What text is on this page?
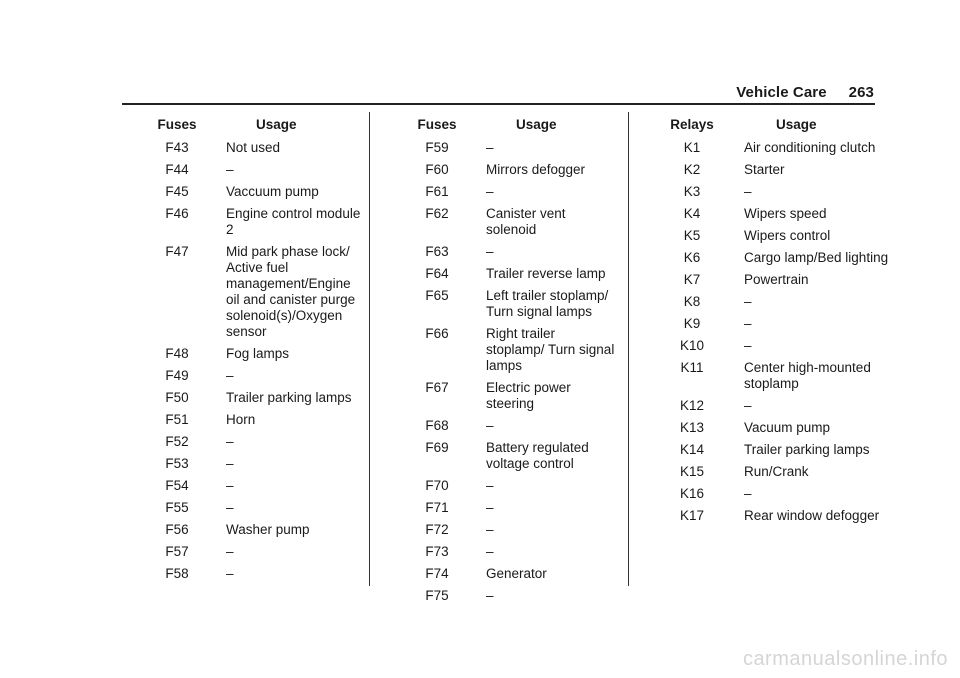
Vehicle Care 263
Fuses	Usage
F43	Not used
F44	–
F45	Vaccuum pump
F46	Engine control module 2
F47	Mid park phase lock/ Active fuel management/Engine oil and canister purge solenoid(s)/Oxygen sensor
F48	Fog lamps
F49	–
F50	Trailer parking lamps
F51	Horn
F52	–
F53	–
F54	–
F55	–
F56	Washer pump
F57	–
F58	–
Fuses	Usage
F59	–
F60	Mirrors defogger
F61	–
F62	Canister vent solenoid
F63	–
F64	Trailer reverse lamp
F65	Left trailer stoplamp/ Turn signal lamps
F66	Right trailer stoplamp/ Turn signal lamps
F67	Electric power steering
F68	–
F69	Battery regulated voltage control
F70	–
F71	–
F72	–
F73	–
F74	Generator
F75	–
Relays	Usage
K1	Air conditioning clutch
K2	Starter
K3	–
K4	Wipers speed
K5	Wipers control
K6	Cargo lamp/Bed lighting
K7	Powertrain
K8	–
K9	–
K10	–
K11	Center high-mounted stoplamp
K12	–
K13	Vacuum pump
K14	Trailer parking lamps
K15	Run/Crank
K16	–
K17	Rear window defogger
carmanualsonline.info
